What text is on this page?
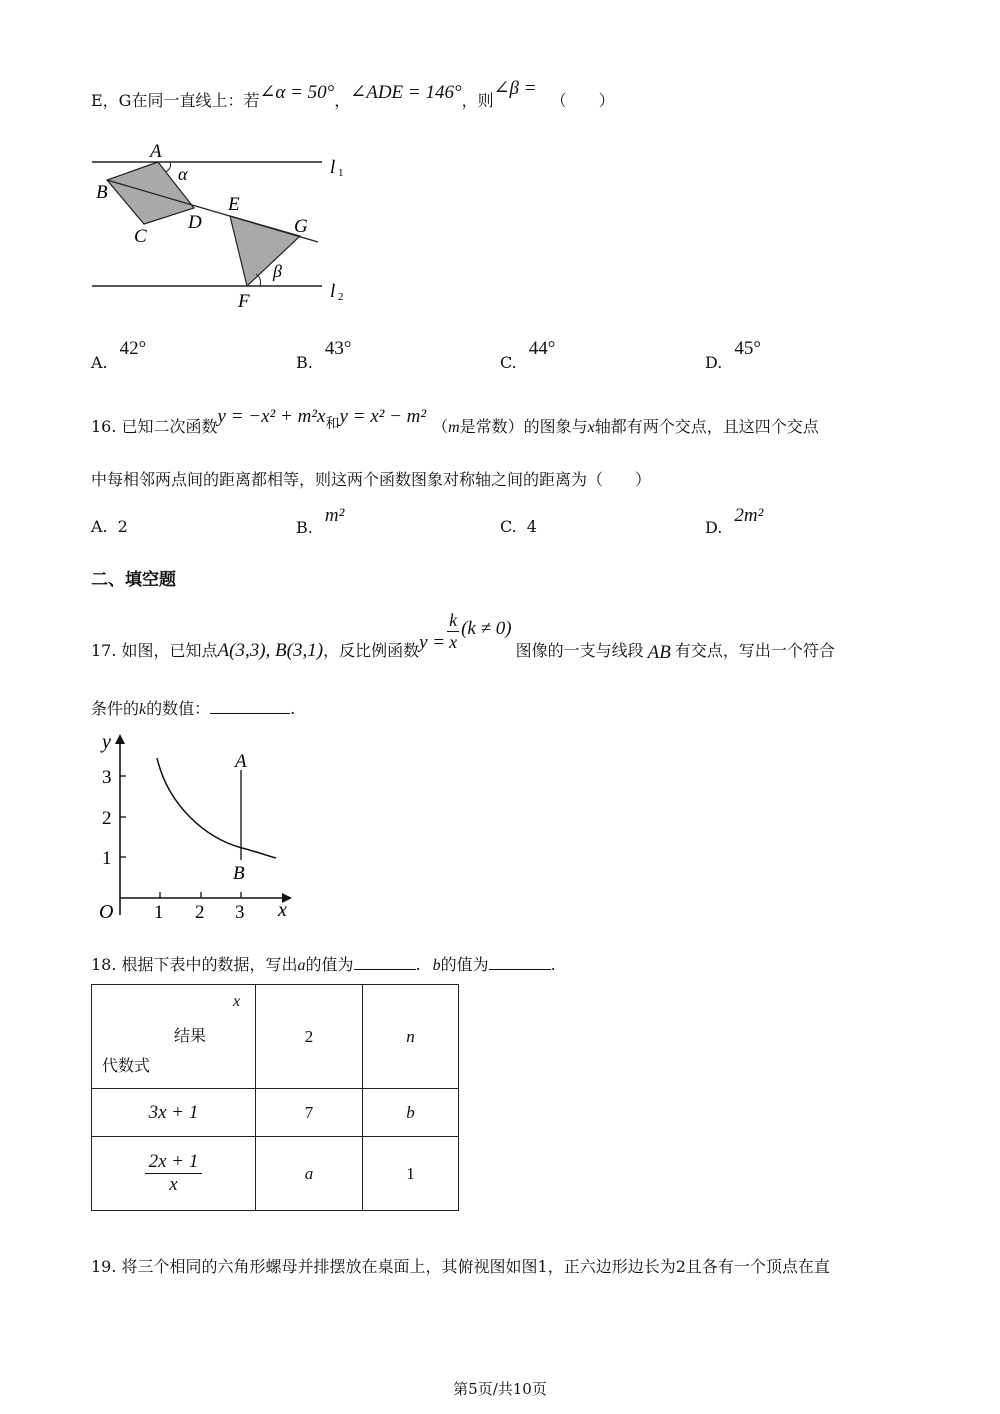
E，G在同一直线上：若∠α = 50°，∠ADE = 146°，则∠β =（　　）
A
B
C
D
E
F
G
α
β
l 1
l 2
A.42°
B.43°
C.44°
D.45°
16. 已知二次函数y = −x² + m²x和y = x² − m² （m是常数）的图象与x轴都有两个交点，且这四个交点
中每相邻两点间的距离都相等，则这两个函数图象对称轴之间的距离为（　　）
A. 2	B.m²
C. 4	D.2m²
二、填空题
17. 如图，已知点A(3,3), B(3,1)，反比例函数$y = \frac{k}{x} (k \ne 0)$图像的一支与线段 AB 有交点，写出一个符合
条件的k的数值：	.
y
x
O 1 2 3
1
2
3
A
B
18. 根据下表中的数据，写出a的值为	. b的值为	.
x
结果
代数式	2	n
3x + 1	7	b

$\frac{2x + 1}{x}$	a	1
19. 将三个相同的六角形螺母并排摆放在桌面上，其俯视图如图1，正六边形边长为2且各有一个顶点在直
第5页/共10页
